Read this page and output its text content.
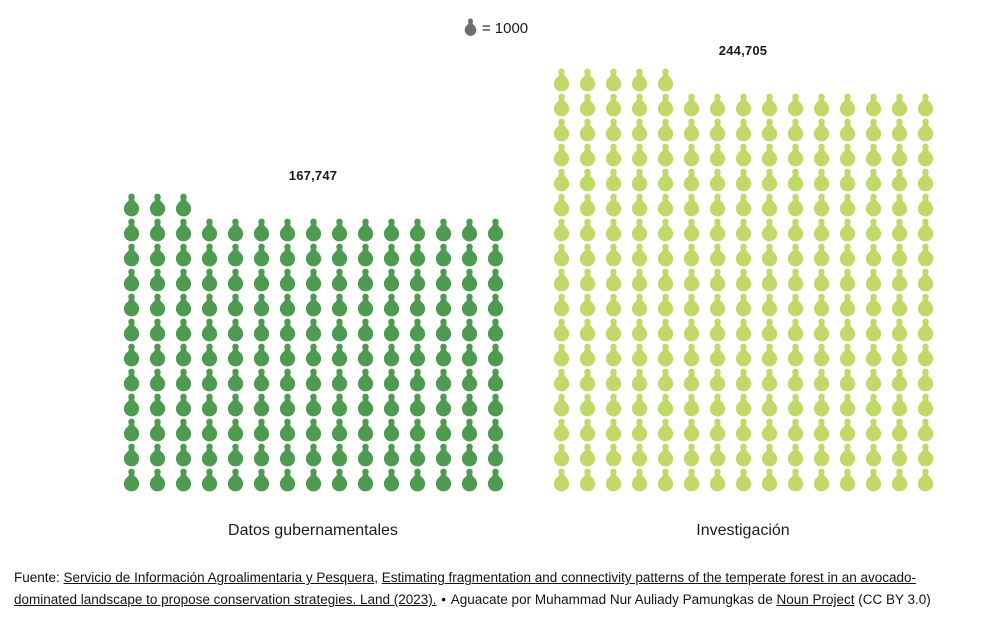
= 1000
167,747
Datos gubernamentales
244,705
Investigación
Fuente: Servicio de Información Agroalimentaria y Pesquera, Estimating fragmentation and connectivity patterns of the temperate forest in an avocado-dominated landscape to propose conservation strategies. Land (2023). • Aguacate por Muhammad Nur Auliady Pamungkas de Noun Project (CC BY 3.0)
